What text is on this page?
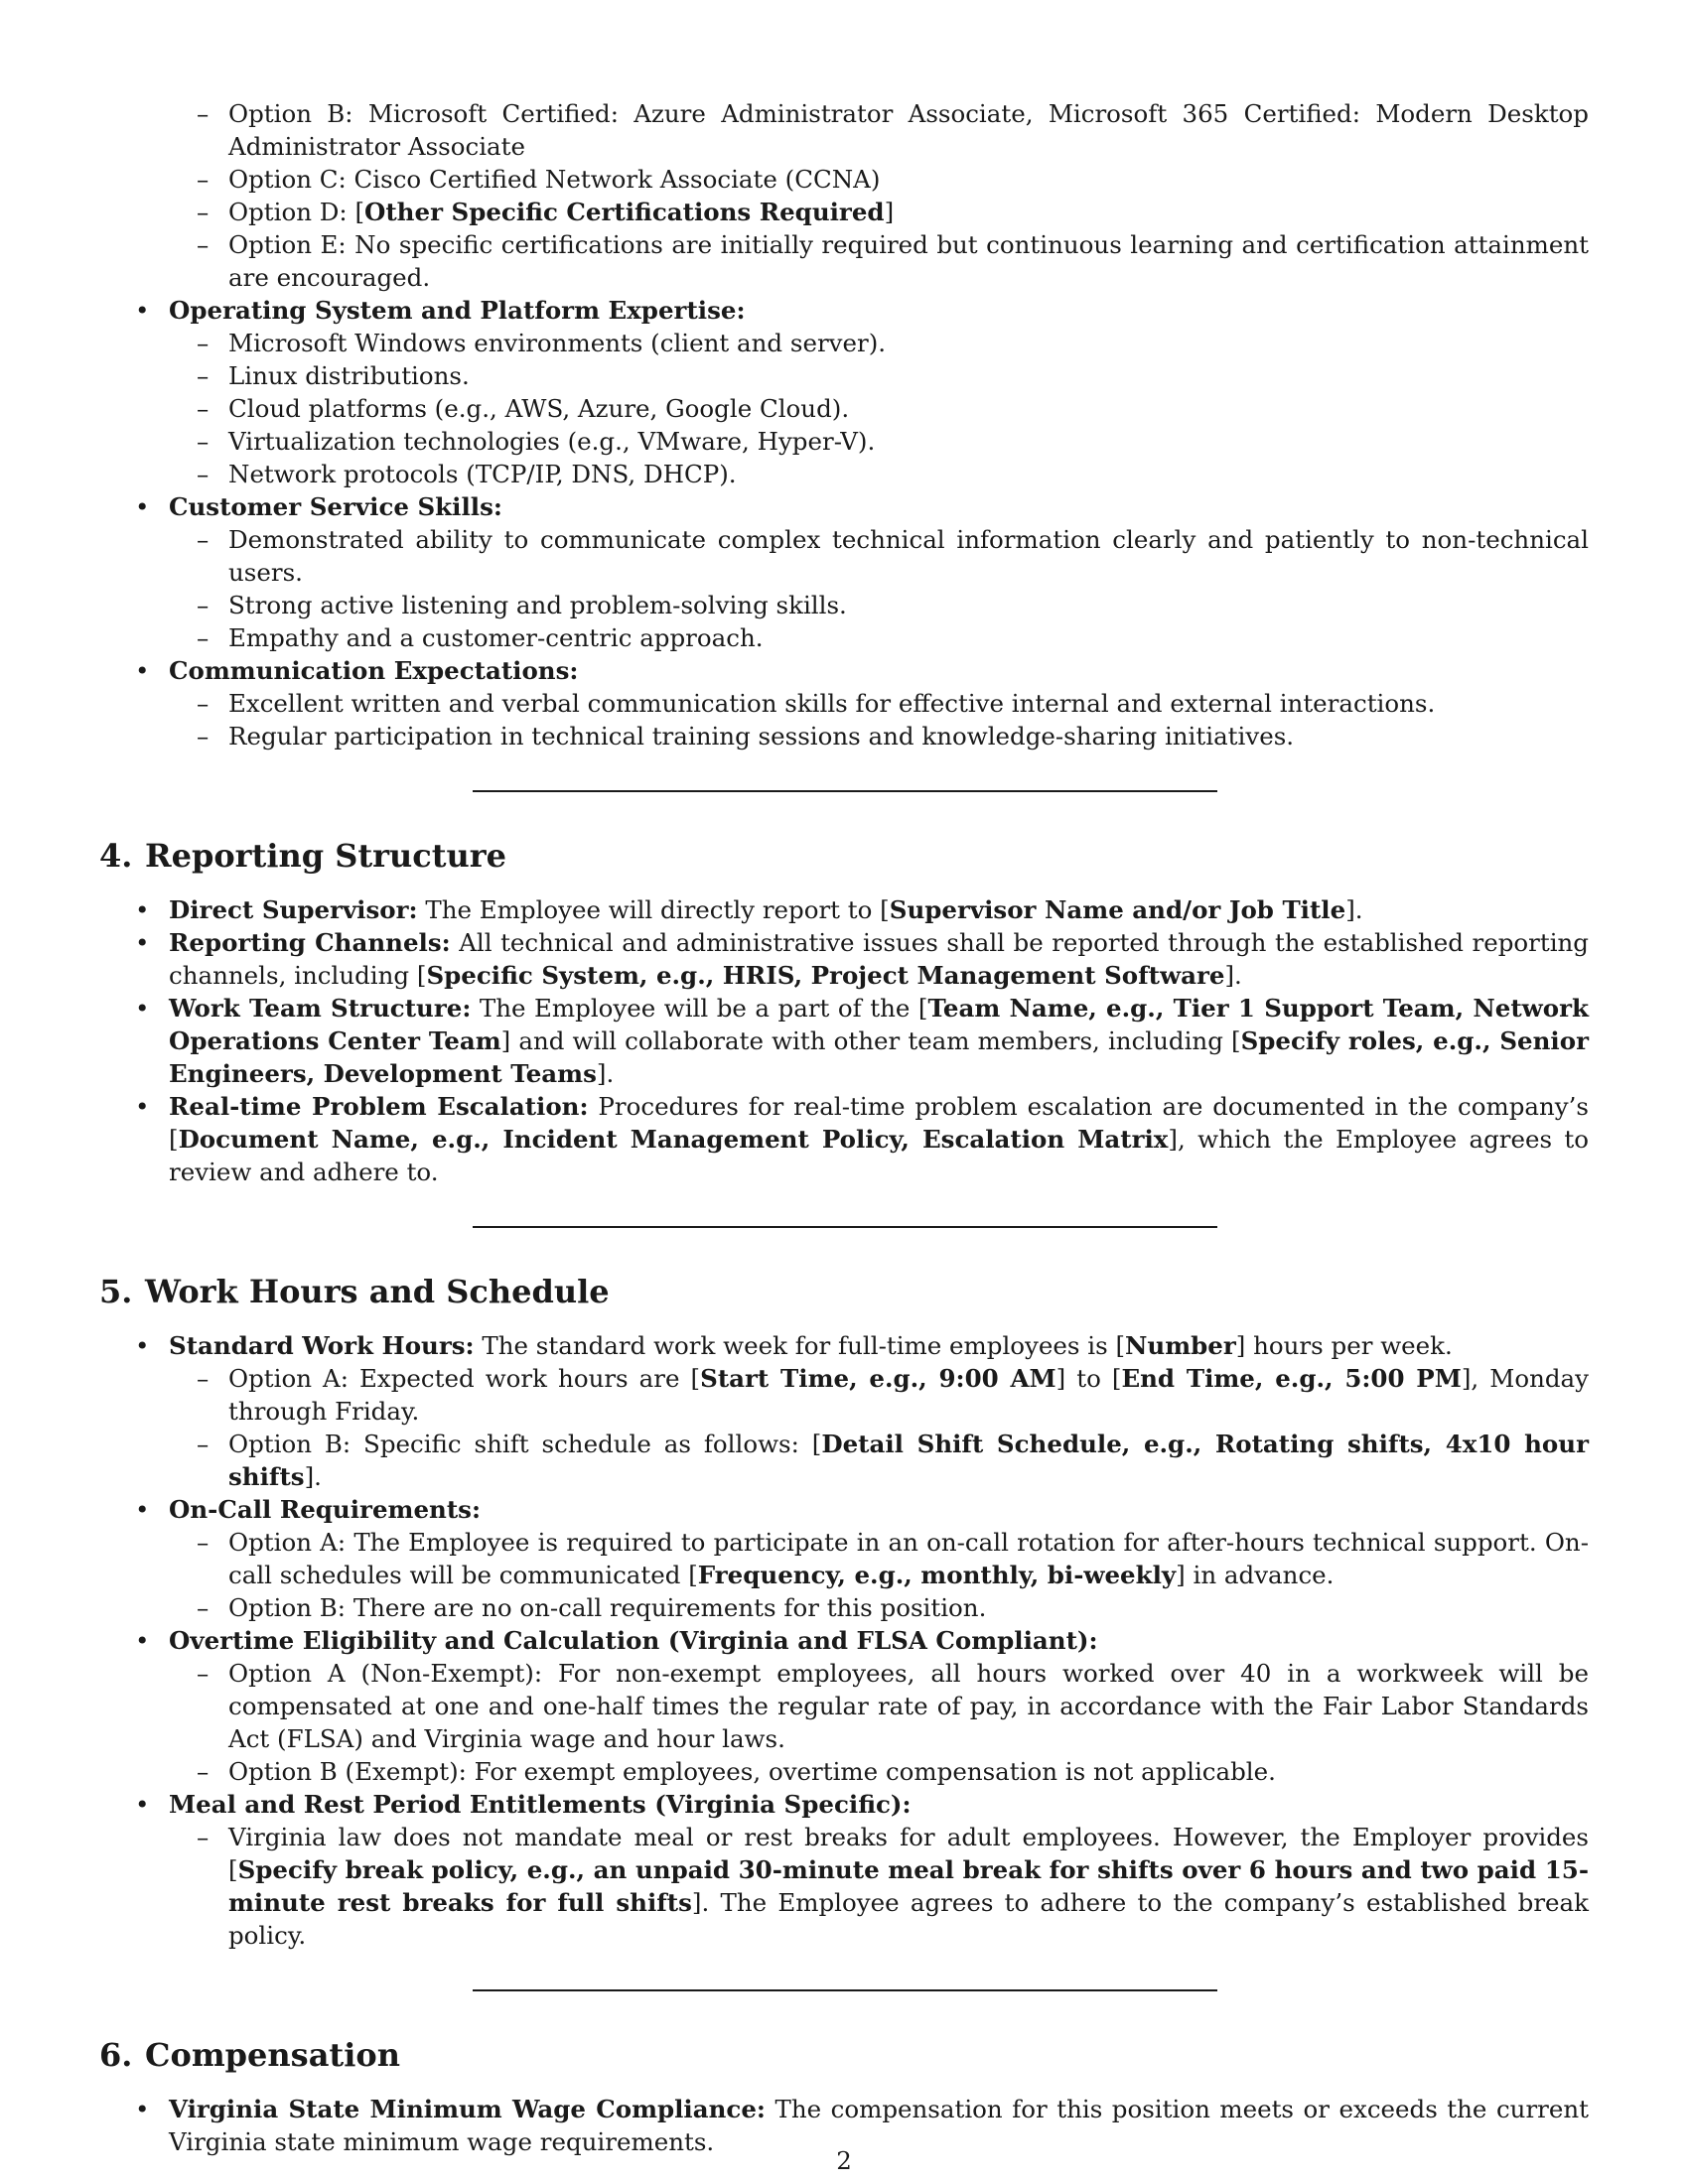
– Option B: Microsoft Certified: Azure Administrator Associate, Microsoft 365 Certified: Modern Desktop Administrator Associate
– Option C: Cisco Certified Network Associate (CCNA)
– Option D: [Other Specific Certifications Required]
– Option E: No specific certifications are initially required but continuous learning and certification attainment are encouraged.
• Operating System and Platform Expertise:
– Microsoft Windows environments (client and server).
– Linux distributions.
– Cloud platforms (e.g., AWS, Azure, Google Cloud).
– Virtualization technologies (e.g., VMware, Hyper-V).
– Network protocols (TCP/IP, DNS, DHCP).
• Customer Service Skills:
– Demonstrated ability to communicate complex technical information clearly and patiently to non-technical users.
– Strong active listening and problem-solving skills.
– Empathy and a customer-centric approach.
• Communication Expectations:
– Excellent written and verbal communication skills for effective internal and external interactions.
– Regular participation in technical training sessions and knowledge-sharing initiatives.
4. Reporting Structure
• Direct Supervisor: The Employee will directly report to [Supervisor Name and/or Job Title].
• Reporting Channels: All technical and administrative issues shall be reported through the established reporting channels, including [Specific System, e.g., HRIS, Project Management Software].
• Work Team Structure: The Employee will be a part of the [Team Name, e.g., Tier 1 Support Team, Network Operations Center Team] and will collaborate with other team members, including [Specify roles, e.g., Senior Engineers, Development Teams].
• Real-time Problem Escalation: Procedures for real-time problem escalation are documented in the company’s [Document Name, e.g., Incident Management Policy, Escalation Matrix], which the Employee agrees to review and adhere to.
5. Work Hours and Schedule
• Standard Work Hours: The standard work week for full-time employees is [Number] hours per week.
– Option A: Expected work hours are [Start Time, e.g., 9:00 AM] to [End Time, e.g., 5:00 PM], Monday through Friday.
– Option B: Specific shift schedule as follows: [Detail Shift Schedule, e.g., Rotating shifts, 4x10 hour shifts].
• On-Call Requirements:
– Option A: The Employee is required to participate in an on-call rotation for after-hours technical support. On-call schedules will be communicated [Frequency, e.g., monthly, bi-weekly] in advance.
– Option B: There are no on-call requirements for this position.
• Overtime Eligibility and Calculation (Virginia and FLSA Compliant):
– Option A (Non-Exempt): For non-exempt employees, all hours worked over 40 in a workweek will be compensated at one and one-half times the regular rate of pay, in accordance with the Fair Labor Standards Act (FLSA) and Virginia wage and hour laws.
– Option B (Exempt): For exempt employees, overtime compensation is not applicable.
• Meal and Rest Period Entitlements (Virginia Specific):
– Virginia law does not mandate meal or rest breaks for adult employees. However, the Employer provides [Specify break policy, e.g., an unpaid 30-minute meal break for shifts over 6 hours and two paid 15-minute rest breaks for full shifts]. The Employee agrees to adhere to the company’s established break policy.
6. Compensation
• Virginia State Minimum Wage Compliance: The compensation for this position meets or exceeds the current Virginia state minimum wage requirements.
2
